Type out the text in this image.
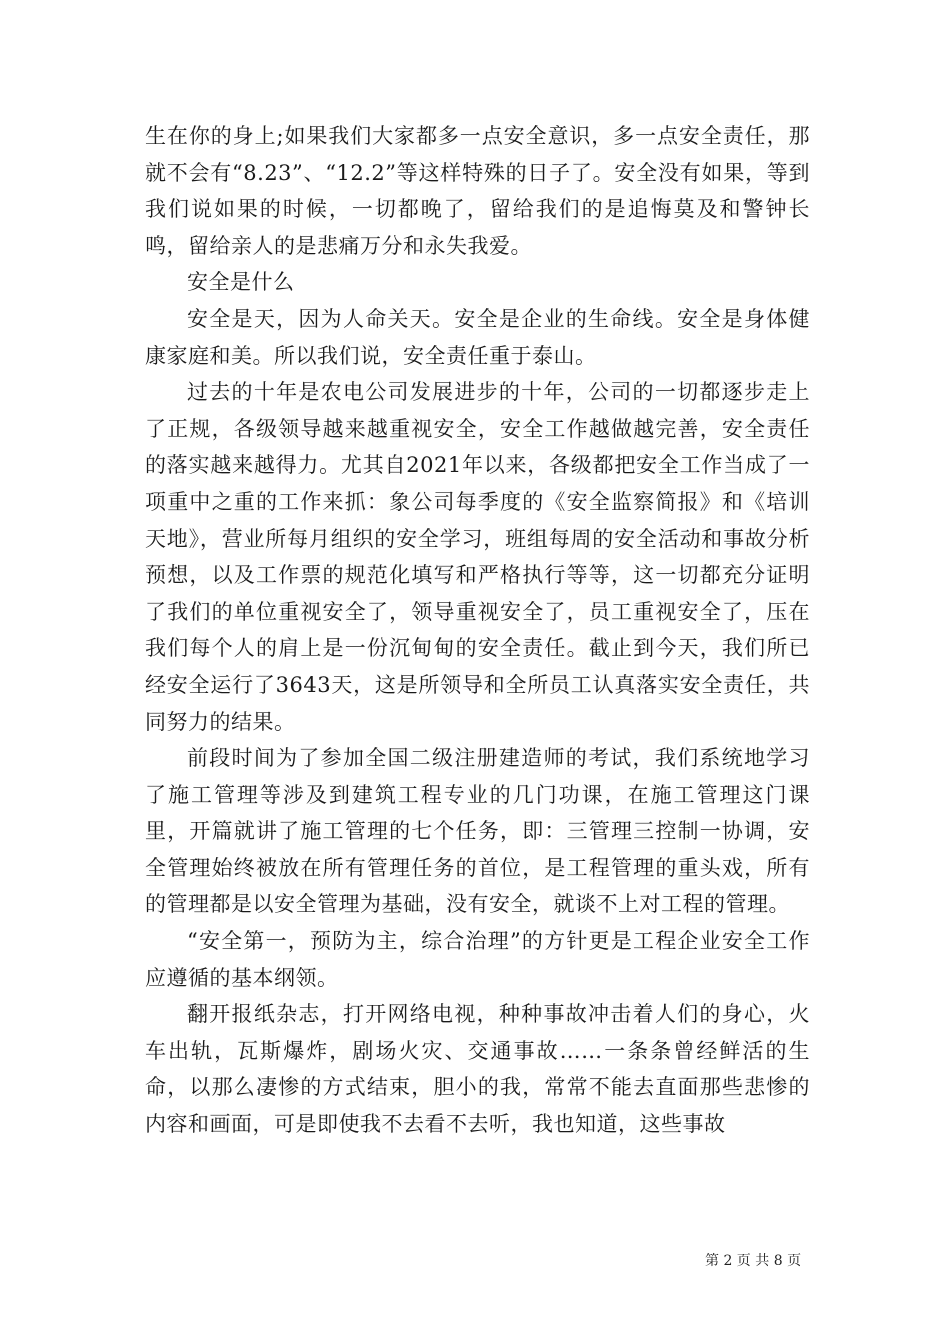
生在你的身上;如果我们大家都多一点安全意识，多一点安全责任，那就不会有“8.23”、“12.2”等这样特殊的日子了。安全没有如果，等到我们说如果的时候，一切都晚了，留给我们的是追悔莫及和警钟长鸣，留给亲人的是悲痛万分和永失我爱。

安全是什么

安全是天，因为人命关天。安全是企业的生命线。安全是身体健康家庭和美。所以我们说，安全责任重于泰山。

过去的十年是农电公司发展进步的十年，公司的一切都逐步走上了正规，各级领导越来越重视安全，安全工作越做越完善，安全责任的落实越来越得力。尤其自2021年以来，各级都把安全工作当成了一项重中之重的工作来抓：象公司每季度的《安全监察简报》和《培训天地》，营业所每月组织的安全学习，班组每周的安全活动和事故分析预想，以及工作票的规范化填写和严格执行等等，这一切都充分证明了我们的单位重视安全了，领导重视安全了，员工重视安全了，压在我们每个人的肩上是一份沉甸甸的安全责任。截止到今天，我们所已经安全运行了3643天，这是所领导和全所员工认真落实安全责任，共同努力的结果。

前段时间为了参加全国二级注册建造师的考试，我们系统地学习了施工管理等涉及到建筑工程专业的几门功课，在施工管理这门课里，开篇就讲了施工管理的七个任务，即：三管理三控制一协调，安全管理始终被放在所有管理任务的首位，是工程管理的重头戏，所有的管理都是以安全管理为基础，没有安全，就谈不上对工程的管理。

“安全第一，预防为主，综合治理”的方针更是工程企业安全工作应遵循的基本纲领。

翻开报纸杂志，打开网络电视，种种事故冲击着人们的身心，火车出轨，瓦斯爆炸，剧场火灾、交通事故……一条条曾经鲜活的生命，以那么凄惨的方式结束，胆小的我，常常不能去直面那些悲惨的内容和画面，可是即使我不去看不去听，我也知道，这些事故

第 2 页 共 8 页
